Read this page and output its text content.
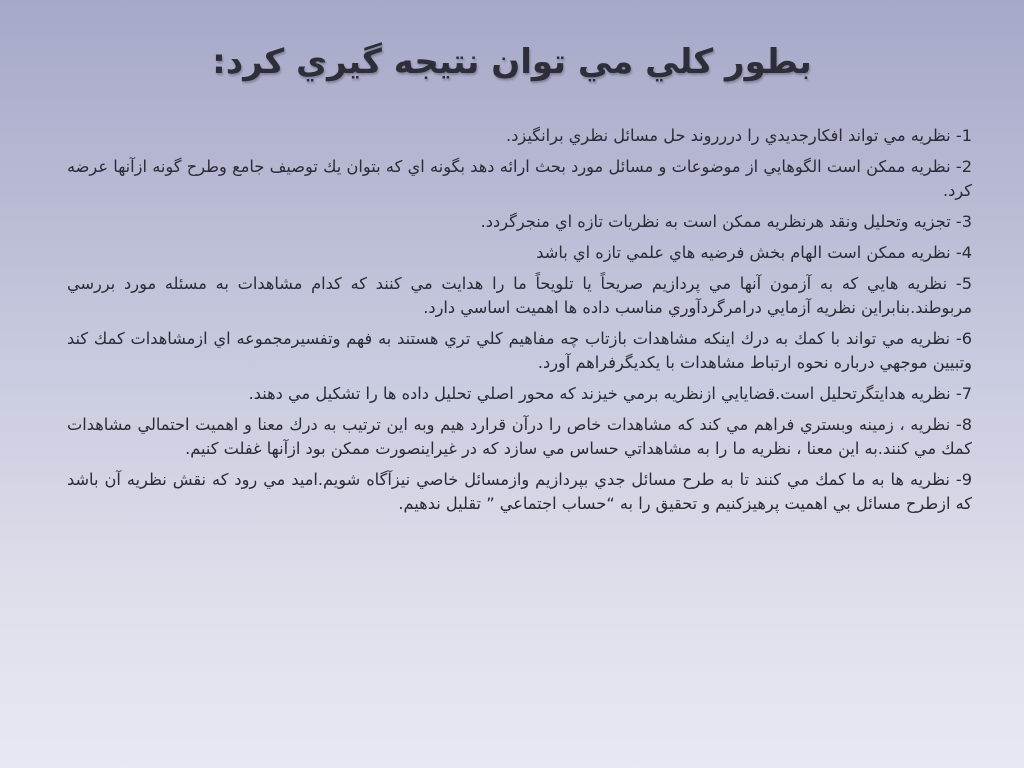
بطور كلي مي توان نتيجه گيري كرد:

1- نظريه مي تواند افكارجديدي را دررروند حل مسائل نظري برانگيزد.

2- نظريه ممكن است الگوهايي از موضوعات و مسائل مورد بحث ارائه دهد بگونه اي كه بتوان يك توصيف جامع وطرح گونه ازآنها عرضه كرد.

3- تجزيه وتحليل ونقد هرنظريه ممكن است به نظريات تازه اي منجرگردد.

4- نظريه ممكن است الهام بخش فرضيه هاي علمي تازه اي باشد

5- نظريه هايي كه به آزمون آنها مي پردازيم صريحاً يا تلويحاً ما را هدايت مي كنند كه كدام مشاهدات به مسئله مورد بررسي مربوطند.بنابراين نظريه آزمايي درامرگردآوري مناسب داده ها اهميت اساسي دارد.

6- نظريه مي تواند با كمك به درك اينكه مشاهدات بازتاب چه مفاهيم كلي تري هستند به فهم وتفسيرمجموعه اي ازمشاهدات كمك كند وتبيين موجهي درباره نحوه ارتباط مشاهدات با يكديگرفراهم آورد.

7- نظريه هدايتگرتحليل است.قضايايي ازنظريه برمي خيزند كه محور اصلي تحليل داده ها را تشكيل مي دهند.

8- نظريه ، زمينه وبستري فراهم مي كند كه مشاهدات خاص را درآن قرارد هيم وبه اين ترتيب به درك معنا و اهميت احتمالي مشاهدات كمك مي كنند.به اين معنا ، نظريه ما را به مشاهداتي حساس مي سازد كه در غيراينصورت ممكن بود ازآنها غفلت كنيم.

9- نظريه ها به ما كمك مي كنند تا به طرح مسائل جدي بپردازيم وازمسائل خاصي نيزآگاه شويم.اميد مي رود كه نقش نظريه آن باشد كه ازطرح مسائل بي اهميت پرهيزكنيم و تحقيق را به “حساب اجتماعي ” تقليل ندهيم.
